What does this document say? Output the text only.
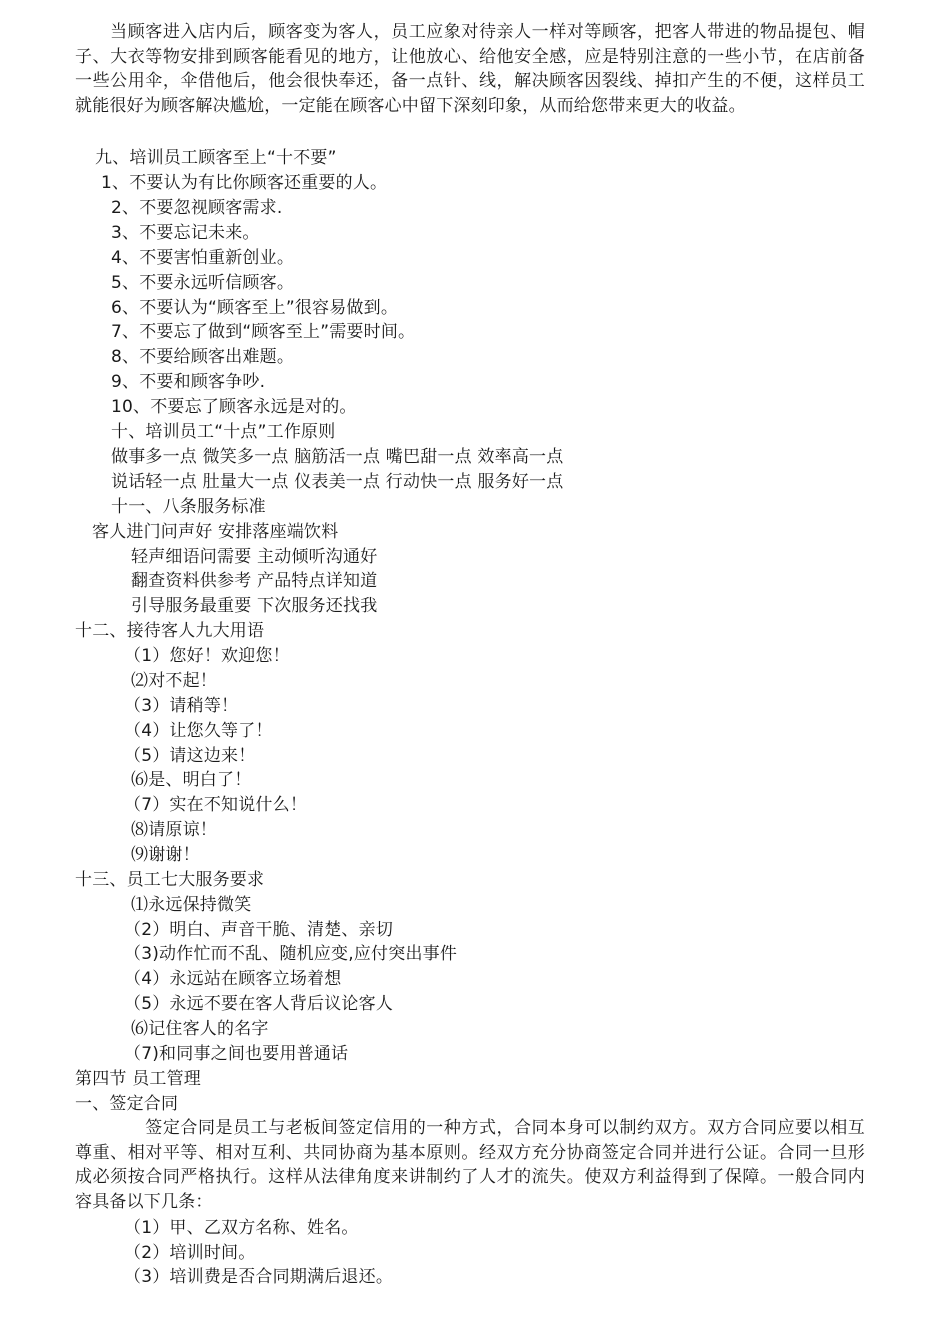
　　当顾客进入店内后，顾客变为客人，员工应象对待亲人一样对等顾客，把客人带进的物品提包、帽子、大衣等物安排到顾客能看见的地方，让他放心、给他安全感，应是特别注意的一些小节，在店前备一些公用伞，伞借他后，他会很快奉还，备一点针、线，解决顾客因裂线、掉扣产生的不便，这样员工就能很好为顾客解决尴尬，一定能在顾客心中留下深刻印象，从而给您带来更大的收益。
九、培训员工顾客至上“十不要”
1、不要认为有比你顾客还重要的人。
2、不要忽视顾客需求.
3、不要忘记未来。
4、不要害怕重新创业。
5、不要永远听信顾客。
6、不要认为“顾客至上”很容易做到。
7、不要忘了做到“顾客至上”需要时间。
8、不要给顾客出难题。
9、不要和顾客争吵.
10、不要忘了顾客永远是对的。
十、培训员工“十点”工作原则
做事多一点 微笑多一点 脑筋活一点 嘴巴甜一点 效率高一点
说话轻一点 肚量大一点 仪表美一点 行动快一点 服务好一点
十一、八条服务标准
客人进门问声好 安排落座端饮料
轻声细语问需要 主动倾听沟通好
翻查资料供参考 产品特点详知道
引导服务最重要 下次服务还找我
十二、接待客人九大用语
（1）您好！欢迎您！
⑵对不起！
（3）请稍等！
（4）让您久等了！
（5）请这边来！
⑹是、明白了！
（7）实在不知说什么！
⑻请原谅！
⑼谢谢！
十三、员工七大服务要求
⑴永远保持微笑
（2）明白、声音干脆、清楚、亲切
（3)动作忙而不乱、随机应变,应付突出事件
（4）永远站在顾客立场着想
（5）永远不要在客人背后议论客人
⑹记住客人的名字
（7)和同事之间也要用普通话
第四节 员工管理
一、签定合同
（1）甲、乙双方名称、姓名。
（2）培训时间。
（3）培训费是否合同期满后退还。
　　　　签定合同是员工与老板间签定信用的一种方式，合同本身可以制约双方。双方合同应要以相互尊重、相对平等、相对互利、共同协商为基本原则。经双方充分协商签定合同并进行公证。合同一旦形成必须按合同严格执行。这样从法律角度来讲制约了人才的流失。使双方利益得到了保障。一般合同内容具备以下几条：
